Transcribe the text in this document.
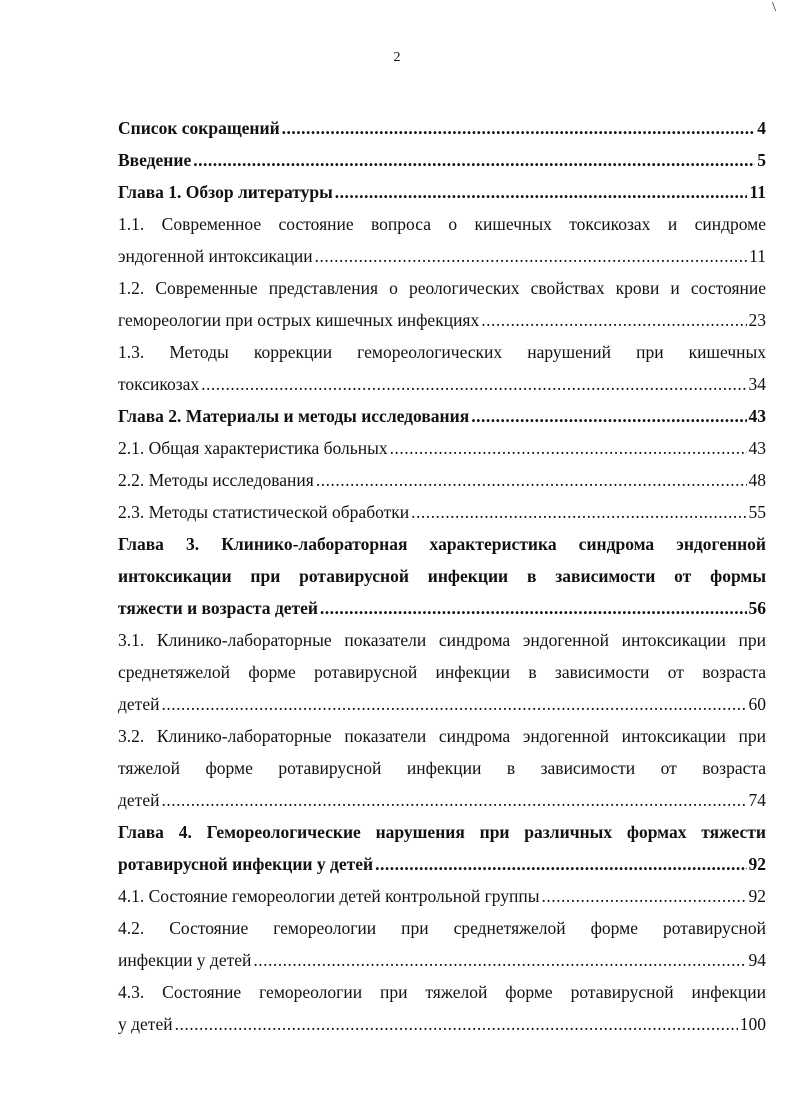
\
2
Список сокращений .....	4
Введение .....	5
Глава 1. Обзор литературы .....	11
1.1. Современное состояние вопроса о кишечных токсикозах и синдроме
эндогенной интоксикации .....	11
1.2. Современные представления о реологических свойствах крови и состояние
гемореологии при острых кишечных инфекциях .....	23
1.3. Методы коррекции гемореологических нарушений при кишечных
токсикозах .....	34
Глава 2. Материалы и методы исследования .....	43
2.1. Общая характеристика больных .....	43
2.2. Методы исследования .....	48
2.3. Методы статистической обработки .....	55
Глава 3. Клинико-лабораторная характеристика синдрома эндогенной
интоксикации при ротавирусной инфекции в зависимости от формы
тяжести и возраста детей .....	56
3.1. Клинико-лабораторные показатели синдрома эндогенной интоксикации при
среднетяжелой форме ротавирусной инфекции в зависимости от возраста
детей .....	60
3.2. Клинико-лабораторные показатели синдрома эндогенной интоксикации при
тяжелой форме ротавирусной инфекции в зависимости от возраста
детей .....	74
Глава 4. Гемореологические нарушения при различных формах тяжести
ротавирусной инфекции у детей .....	92
4.1. Состояние гемореологии детей контрольной группы .....	92
4.2. Состояние гемореологии при среднетяжелой форме ротавирусной
инфекции у детей .....	94
4.3. Состояние гемореологии при тяжелой форме ротавирусной инфекции
у детей .....	100
